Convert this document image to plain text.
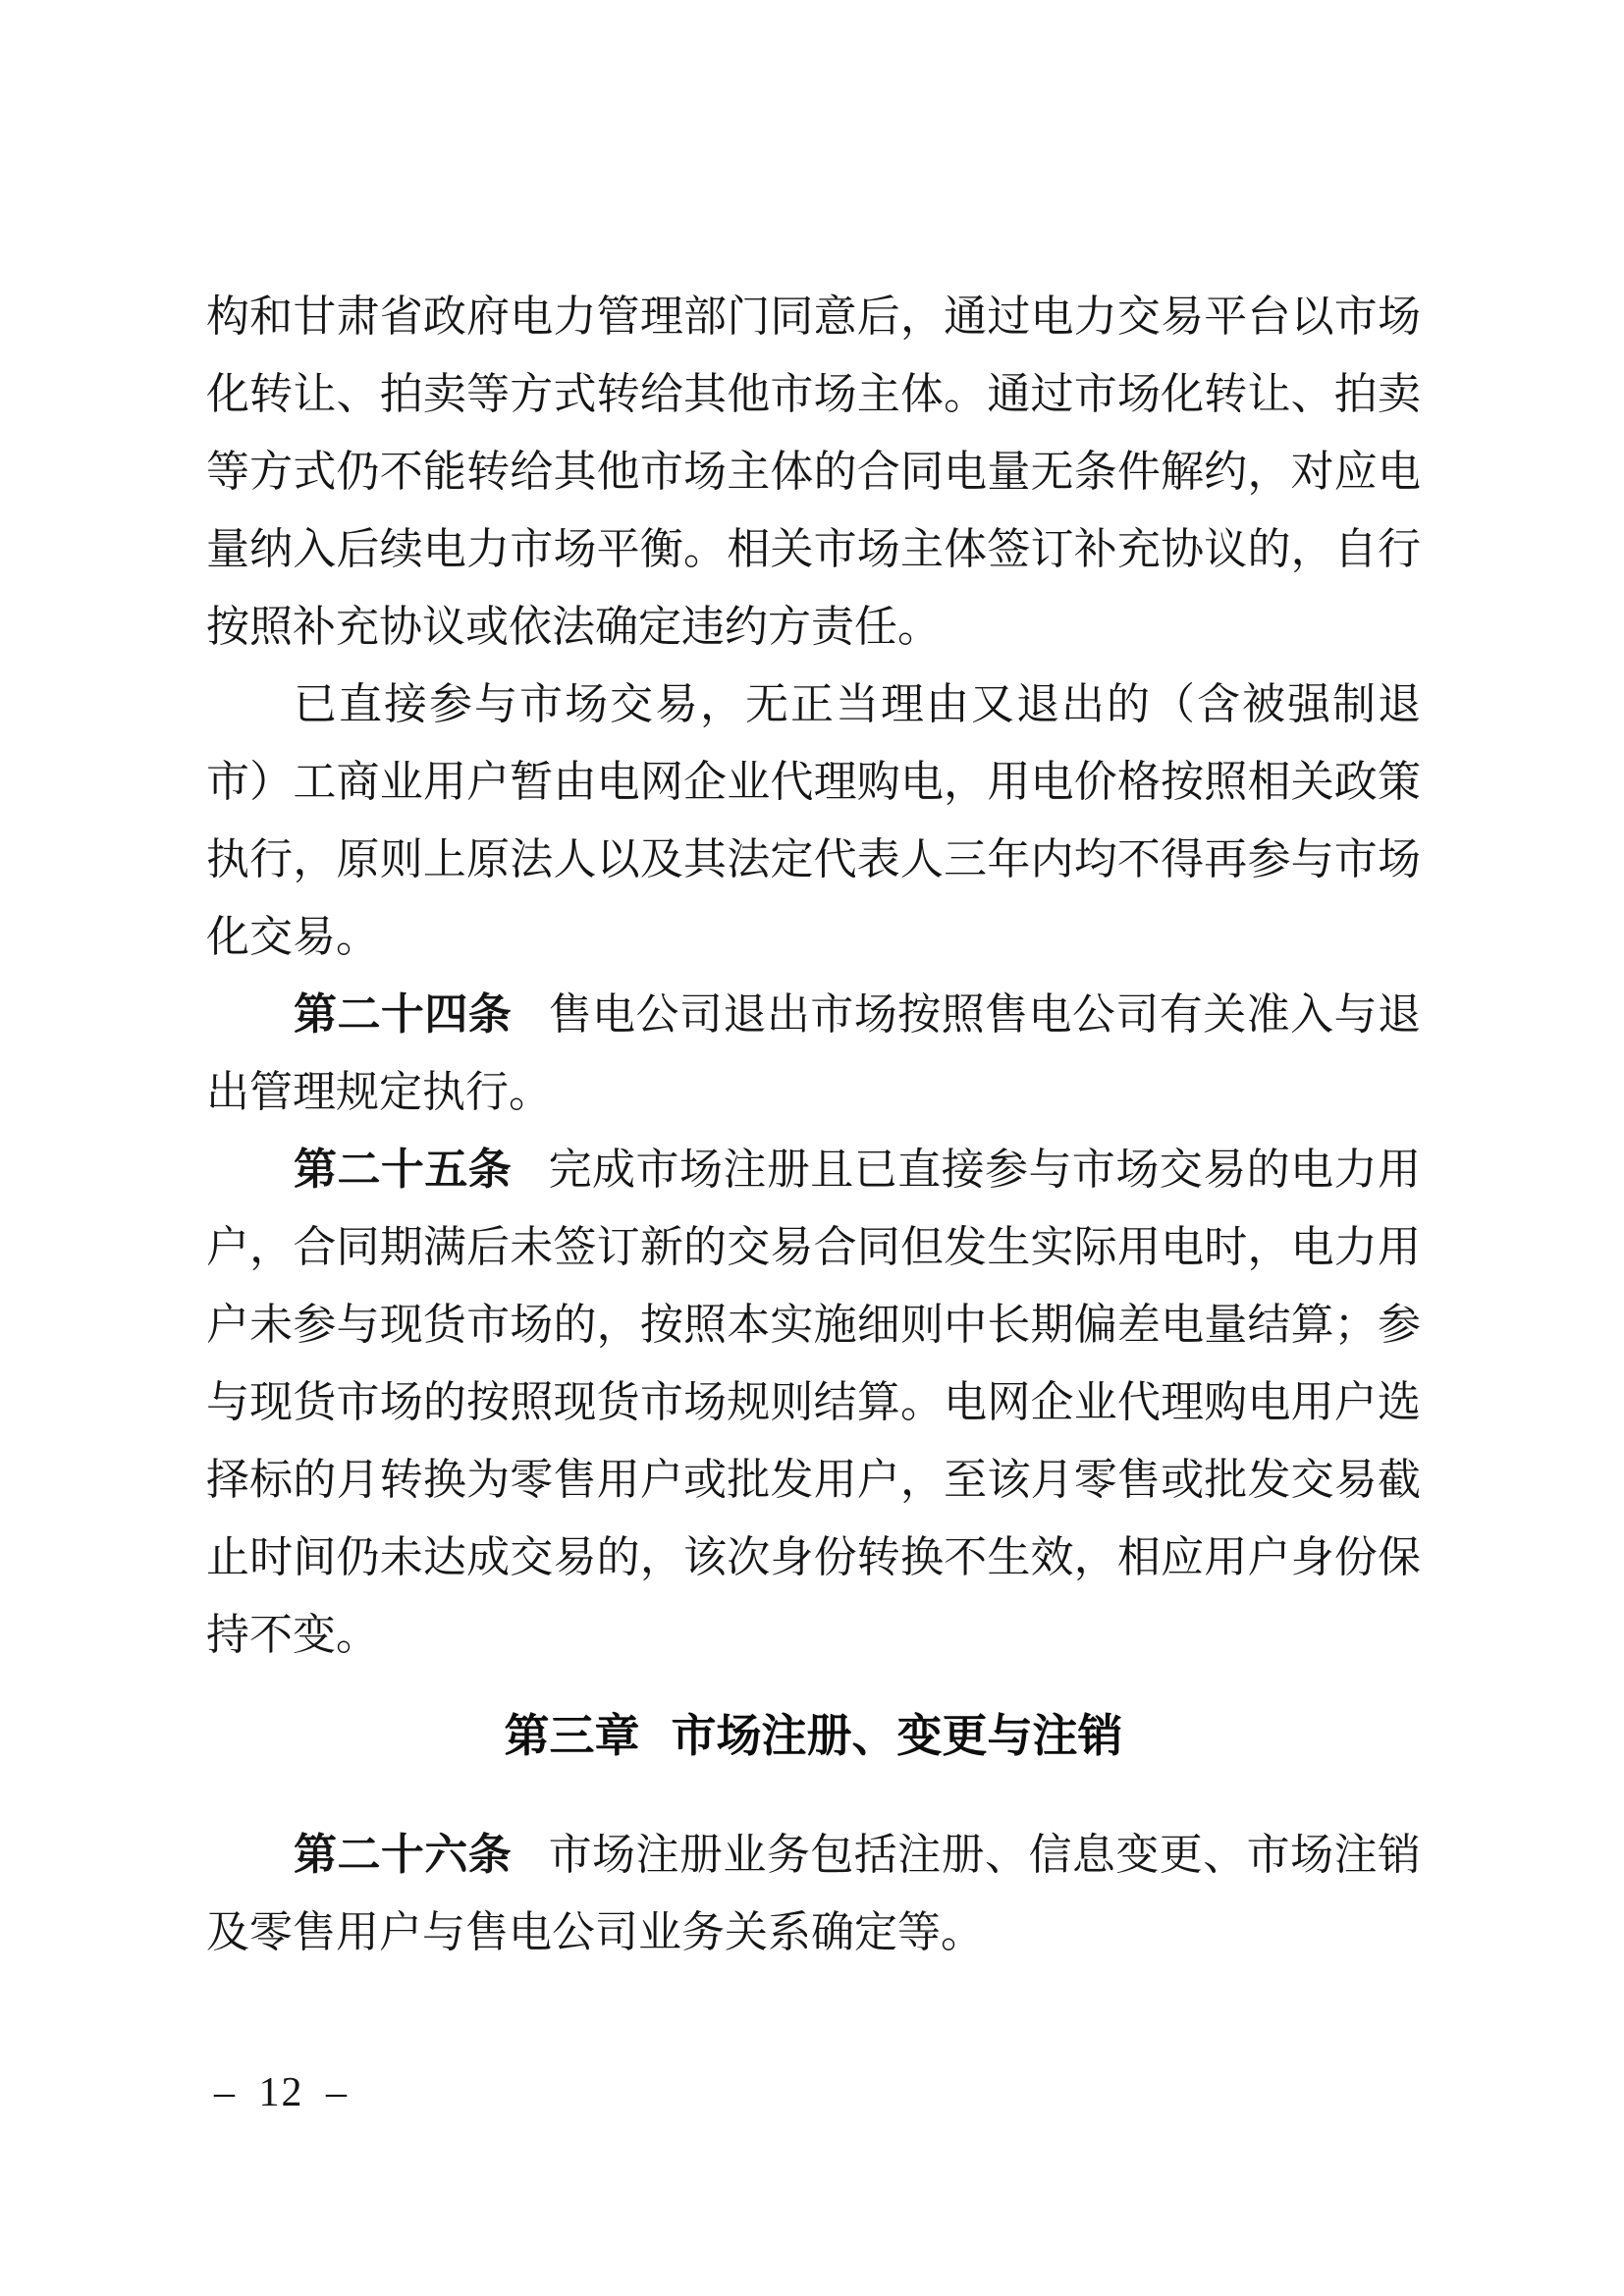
构和甘肃省政府电力管理部门同意后，通过电力交易平台以市场化转让、拍卖等方式转给其他市场主体。通过市场化转让、拍卖等方式仍不能转给其他市场主体的合同电量无条件解约，对应电量纳入后续电力市场平衡。相关市场主体签订补充协议的，自行按照补充协议或依法确定违约方责任。

已直接参与市场交易，无正当理由又退出的（含被强制退市）工商业用户暂由电网企业代理购电，用电价格按照相关政策执行，原则上原法人以及其法定代表人三年内均不得再参与市场化交易。

第二十四条 售电公司退出市场按照售电公司有关准入与退出管理规定执行。

第二十五条 完成市场注册且已直接参与市场交易的电力用户，合同期满后未签订新的交易合同但发生实际用电时，电力用户未参与现货市场的，按照本实施细则中长期偏差电量结算；参与现货市场的按照现货市场规则结算。电网企业代理购电用户选择标的月转换为零售用户或批发用户，至该月零售或批发交易截止时间仍未达成交易的，该次身份转换不生效，相应用户身份保持不变。

第三章 市场注册、变更与注销

第二十六条 市场注册业务包括注册、信息变更、市场注销及零售用户与售电公司业务关系确定等。

– 12 –
